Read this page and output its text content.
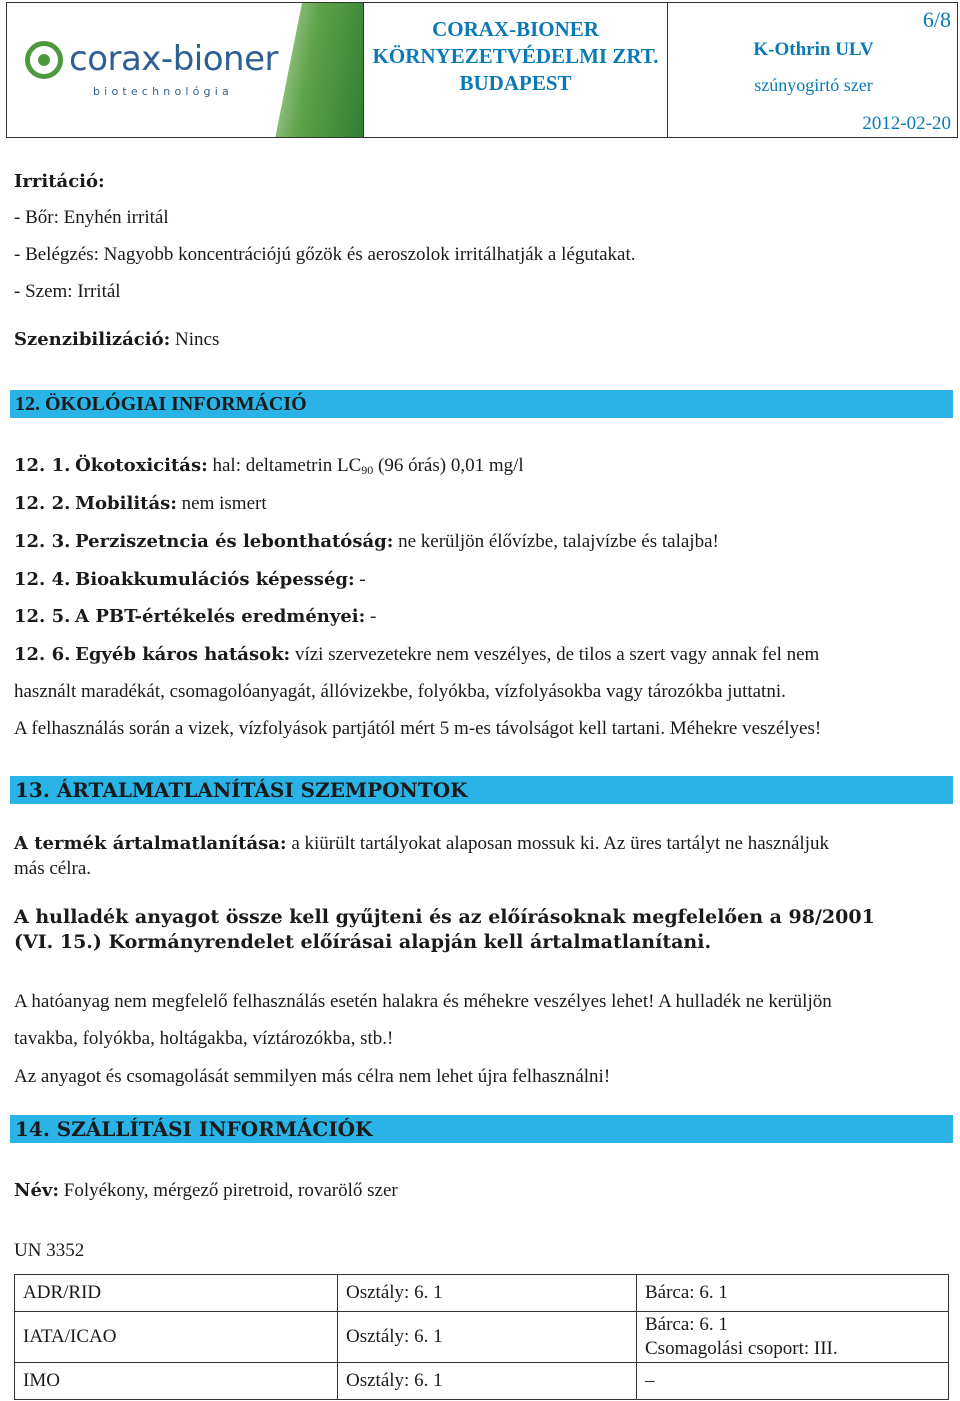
corax-bioner
biotechnológia
CORAX-BIONER
KÖRNYEZETVÉDELMI ZRT.
BUDAPEST
6/8
K-Othrin ULV
szúnyogirtó szer
2012-02-20
Irritáció:
- Bőr: Enyhén irritál
- Belégzés: Nagyobb koncentrációjú gőzök és aeroszolok irritálhatják a légutakat.
- Szem: Irritál
Szenzibilizáció: Nincs
12. ÖKOLÓGIAI INFORMÁCIÓ
12. 1. Ökotoxicitás: hal: deltametrin $LC_{90}$ (96 órás) 0,01 mg/l
12. 2. Mobilitás: nem ismert
12. 3. Perziszetncia és lebonthatóság: ne kerüljön élővízbe, talajvízbe és talajba!
12. 4. Bioakkumulációs képesség: -
12. 5. A PBT-értékelés eredményei: -
12. 6. Egyéb káros hatások: vízi szervezetekre nem veszélyes, de tilos a szert vagy annak fel nem
használt maradékát, csomagolóanyagát, állóvizekbe, folyókba, vízfolyásokba vagy tározókba juttatni.
A felhasználás során a vizek, vízfolyások partjától mért 5 m-es távolságot kell tartani. Méhekre veszélyes!
13. ÁRTALMATLANÍTÁSI SZEMPONTOK
A termék ártalmatlanítása: a kiürült tartályokat alaposan mossuk ki. Az üres tartályt ne használjuk
más célra.
A hulladék anyagot össze kell gyűjteni és az előírásoknak megfelelően a 98/2001
(VI. 15.) Kormányrendelet előírásai alapján kell ártalmatlanítani.
A hatóanyag nem megfelelő felhasználás esetén halakra és méhekre veszélyes lehet! A hulladék ne kerüljön
tavakba, folyókba, holtágakba, víztározókba, stb.!
Az anyagot és csomagolását semmilyen más célra nem lehet újra felhasználni!
14. SZÁLLÍTÁSI INFORMÁCIÓK
Név: Folyékony, mérgező piretroid, rovarölő szer
UN 3352
ADR/RID	Osztály: 6. 1	Bárca: 6. 1
IATA/ICAO	Osztály: 6. 1	Bárca: 6. 1
Csomagolási csoport: III.

IMO	Osztály: 6. 1	–
